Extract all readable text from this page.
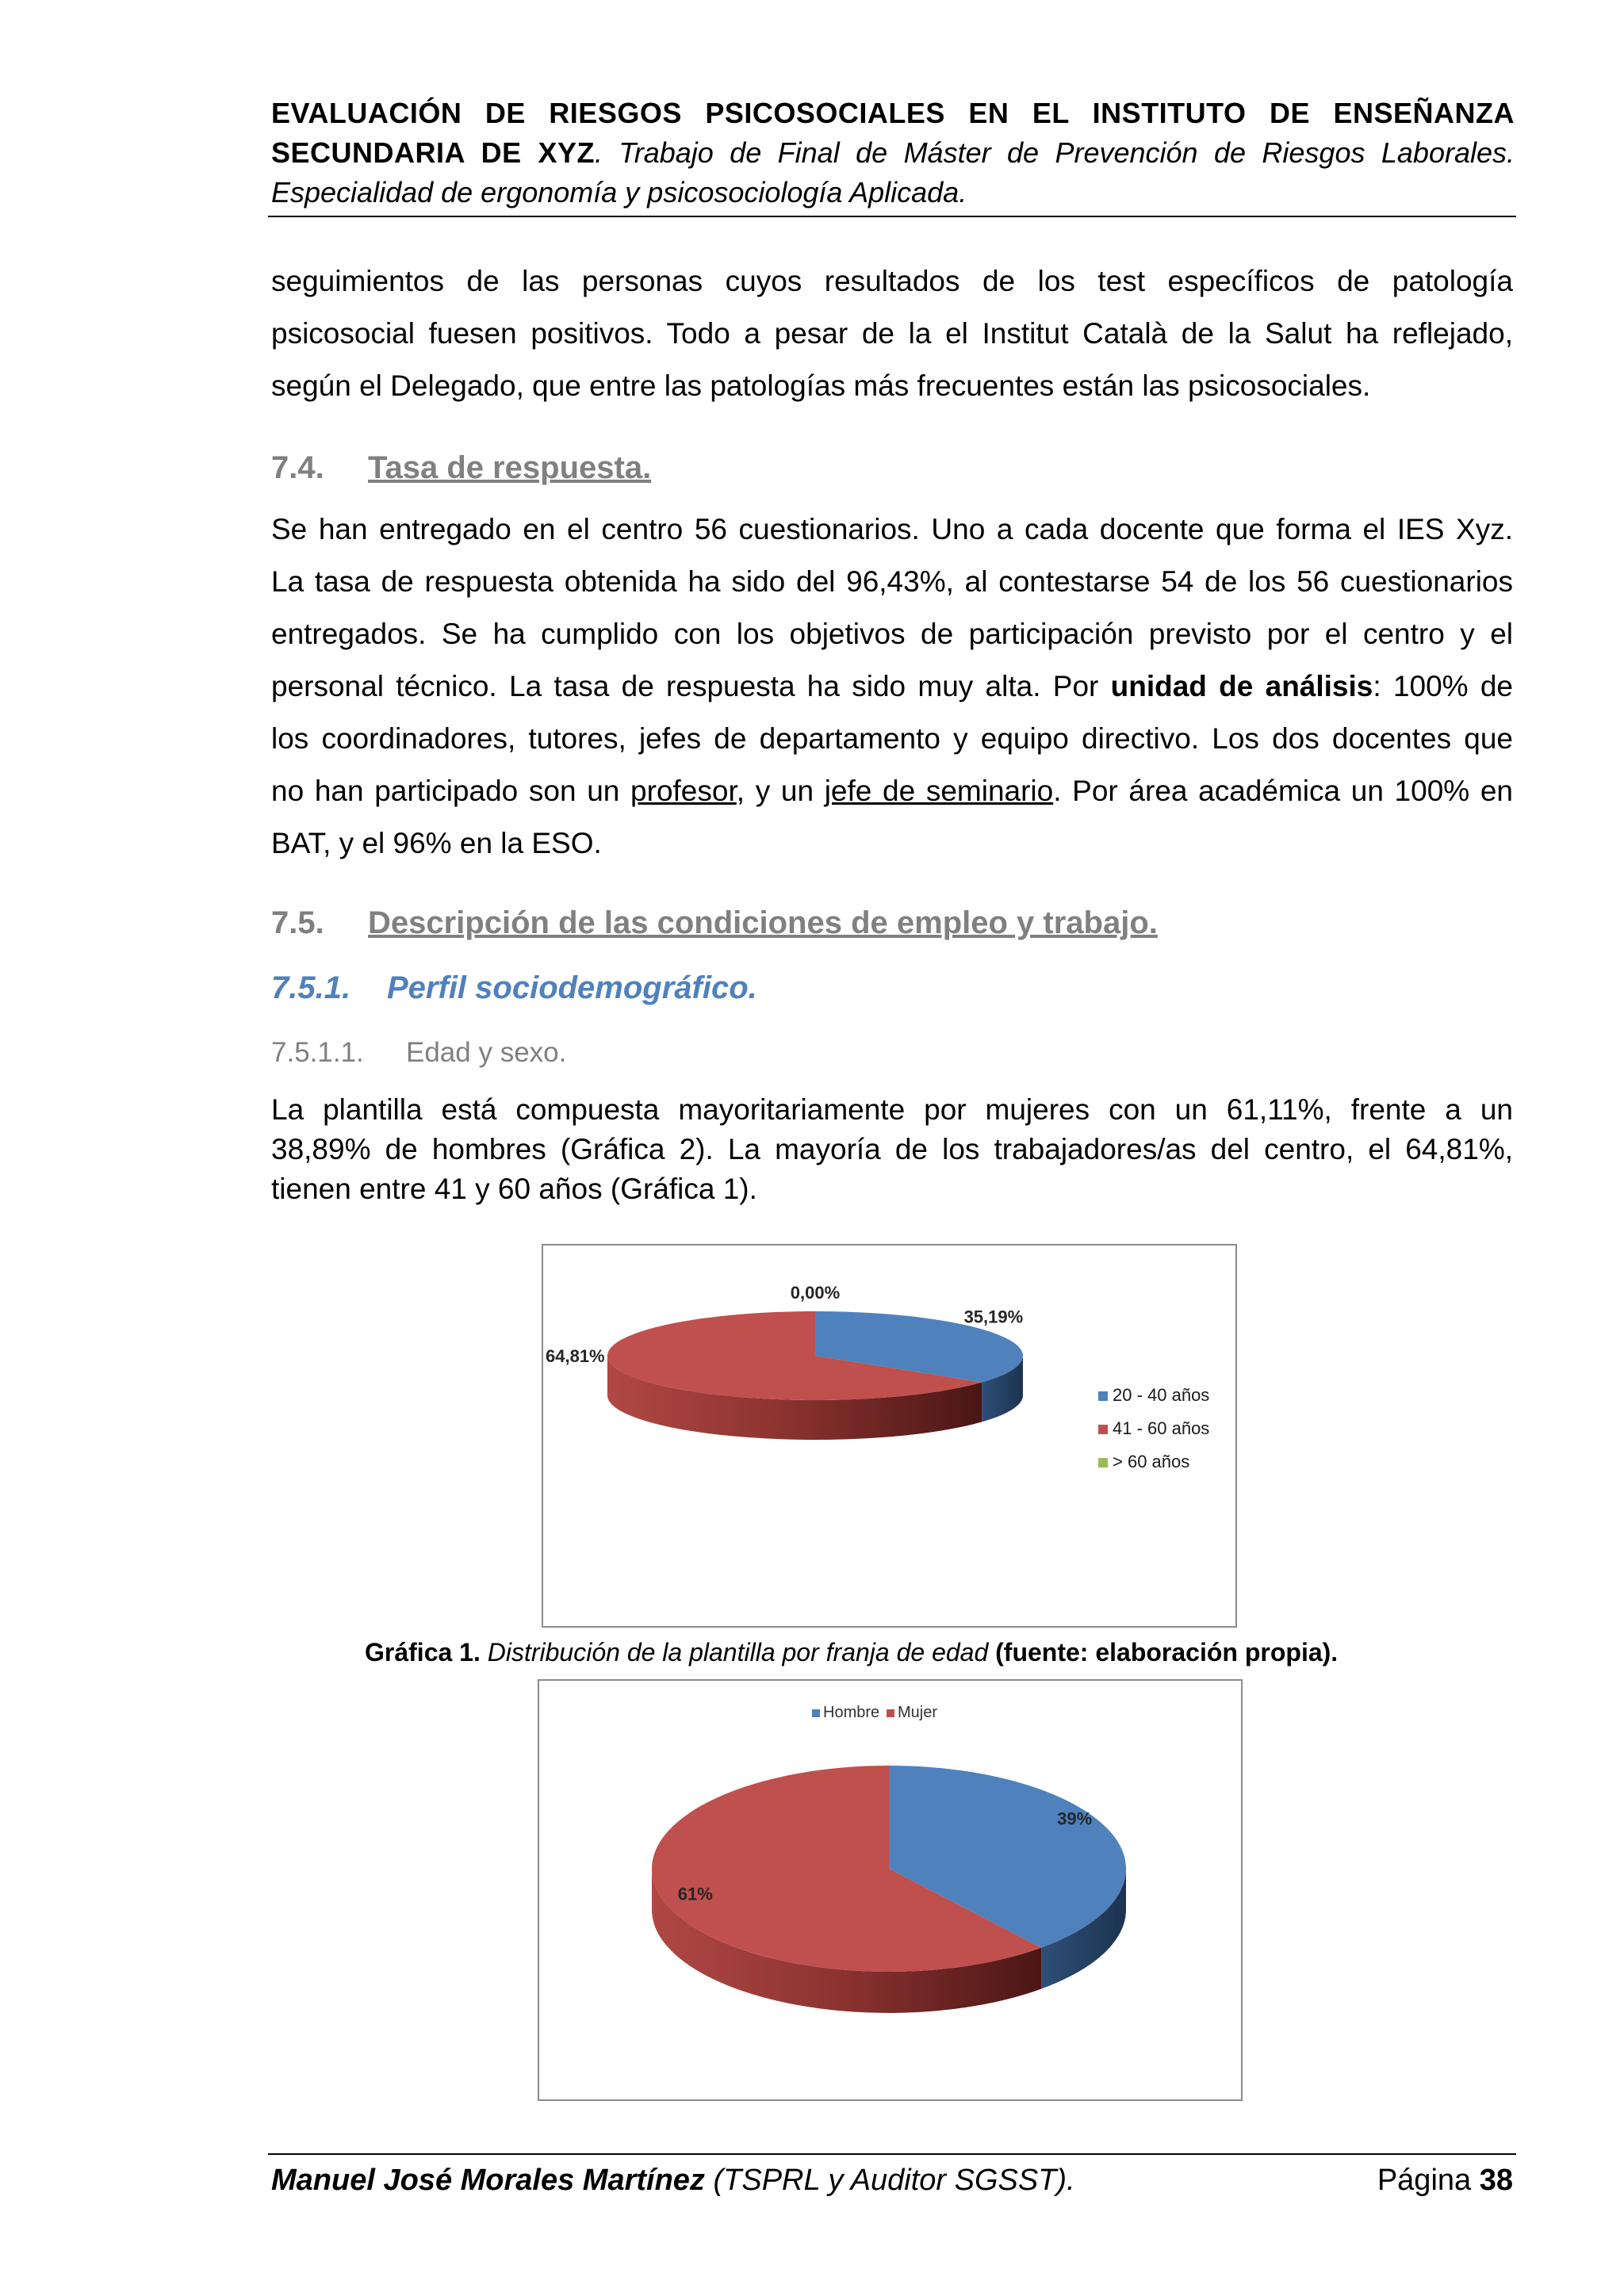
EVALUACIÓN DE RIESGOS PSICOSOCIALES EN EL INSTITUTO DE ENSEÑANZA SECUNDARIA DE XYZ. Trabajo de Final de Máster de Prevención de Riesgos Laborales. Especialidad de ergonomía y psicosociología Aplicada.
seguimientos de las personas cuyos resultados de los test específicos de patología
psicosocial fuesen positivos. Todo a pesar de la el Institut Català de la Salut ha reflejado,
según el Delegado, que entre las patologías más frecuentes están las psicosociales.
7.4. Tasa de respuesta.
Se han entregado en el centro 56 cuestionarios. Uno a cada docente que forma el IES Xyz.
La tasa de respuesta obtenida ha sido del 96,43%, al contestarse 54 de los 56 cuestionarios
entregados. Se ha cumplido con los objetivos de participación previsto por el centro y el
personal técnico. La tasa de respuesta ha sido muy alta. Por unidad de análisis: 100% de
los coordinadores, tutores, jefes de departamento y equipo directivo. Los dos docentes que
no han participado son un profesor, y un jefe de seminario. Por área académica un 100% en
BAT, y el 96% en la ESO.
7.5. Descripción de las condiciones de empleo y trabajo.
7.5.1. Perfil sociodemográfico.
7.5.1.1. Edad y sexo.
La plantilla está compuesta mayoritariamente por mujeres con un 61,11%, frente a un
38,89% de hombres (Gráfica 2). La mayoría de los trabajadores/as del centro, el 64,81%,
tienen entre 41 y 60 años (Gráfica 1).
35,19%
64,81%
0,00%
20 - 40 años
41 - 60 años
> 60 años
Gráfica 1. Distribución de la plantilla por franja de edad (fuente: elaboración propia).
Hombre Mujer
39%
61%
Manuel José Morales Martínez (TSPRL y Auditor SGSST).	Página 38
